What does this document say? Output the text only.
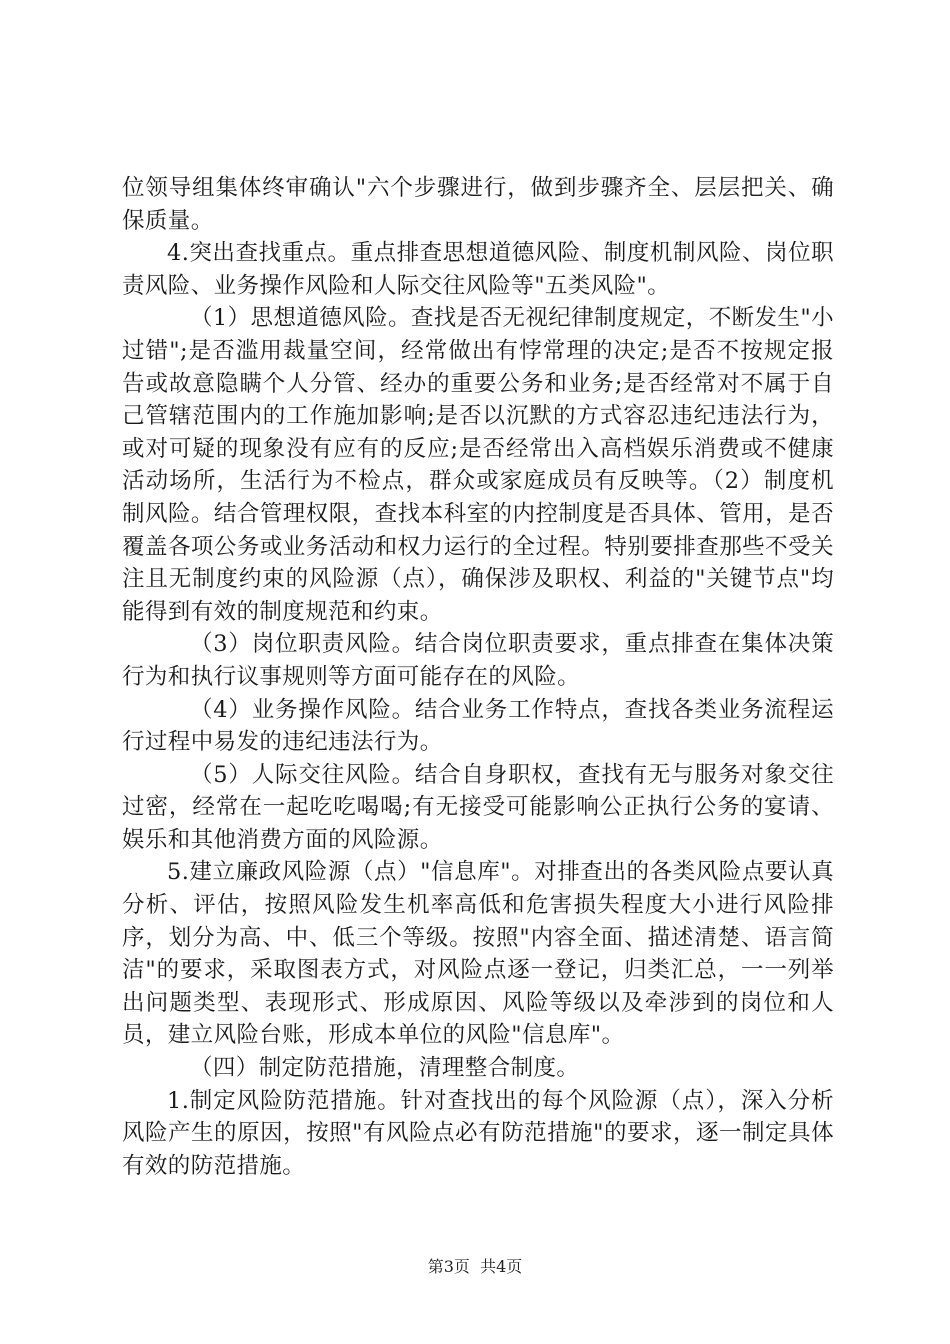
位领导组集体终审确认"六个步骤进行，做到步骤齐全、层层把关、确保质量。

4.突出查找重点。重点排查思想道德风险、制度机制风险、岗位职责风险、业务操作风险和人际交往风险等"五类风险"。

（1）思想道德风险。查找是否无视纪律制度规定，不断发生"小过错";是否滥用裁量空间，经常做出有悖常理的决定;是否不按规定报告或故意隐瞒个人分管、经办的重要公务和业务;是否经常对不属于自己管辖范围内的工作施加影响;是否以沉默的方式容忍违纪违法行为，或对可疑的现象没有应有的反应;是否经常出入高档娱乐消费或不健康活动场所，生活行为不检点，群众或家庭成员有反映等。（2）制度机制风险。结合管理权限，查找本科室的内控制度是否具体、管用，是否覆盖各项公务或业务活动和权力运行的全过程。特别要排查那些不受关注且无制度约束的风险源（点），确保涉及职权、利益的"关键节点"均能得到有效的制度规范和约束。

（3）岗位职责风险。结合岗位职责要求，重点排查在集体决策行为和执行议事规则等方面可能存在的风险。

（4）业务操作风险。结合业务工作特点，查找各类业务流程运行过程中易发的违纪违法行为。

（5）人际交往风险。结合自身职权，查找有无与服务对象交往过密，经常在一起吃吃喝喝;有无接受可能影响公正执行公务的宴请、娱乐和其他消费方面的风险源。

5.建立廉政风险源（点）"信息库"。对排查出的各类风险点要认真分析、评估，按照风险发生机率高低和危害损失程度大小进行风险排序，划分为高、中、低三个等级。按照"内容全面、描述清楚、语言简洁"的要求，采取图表方式，对风险点逐一登记，归类汇总，一一列举出问题类型、表现形式、形成原因、风险等级以及牵涉到的岗位和人员，建立风险台账，形成本单位的风险"信息库"。

（四）制定防范措施，清理整合制度。

1.制定风险防范措施。针对查找出的每个风险源（点），深入分析风险产生的原因，按照"有风险点必有防范措施"的要求，逐一制定具体有效的防范措施。

第3页  共4页
